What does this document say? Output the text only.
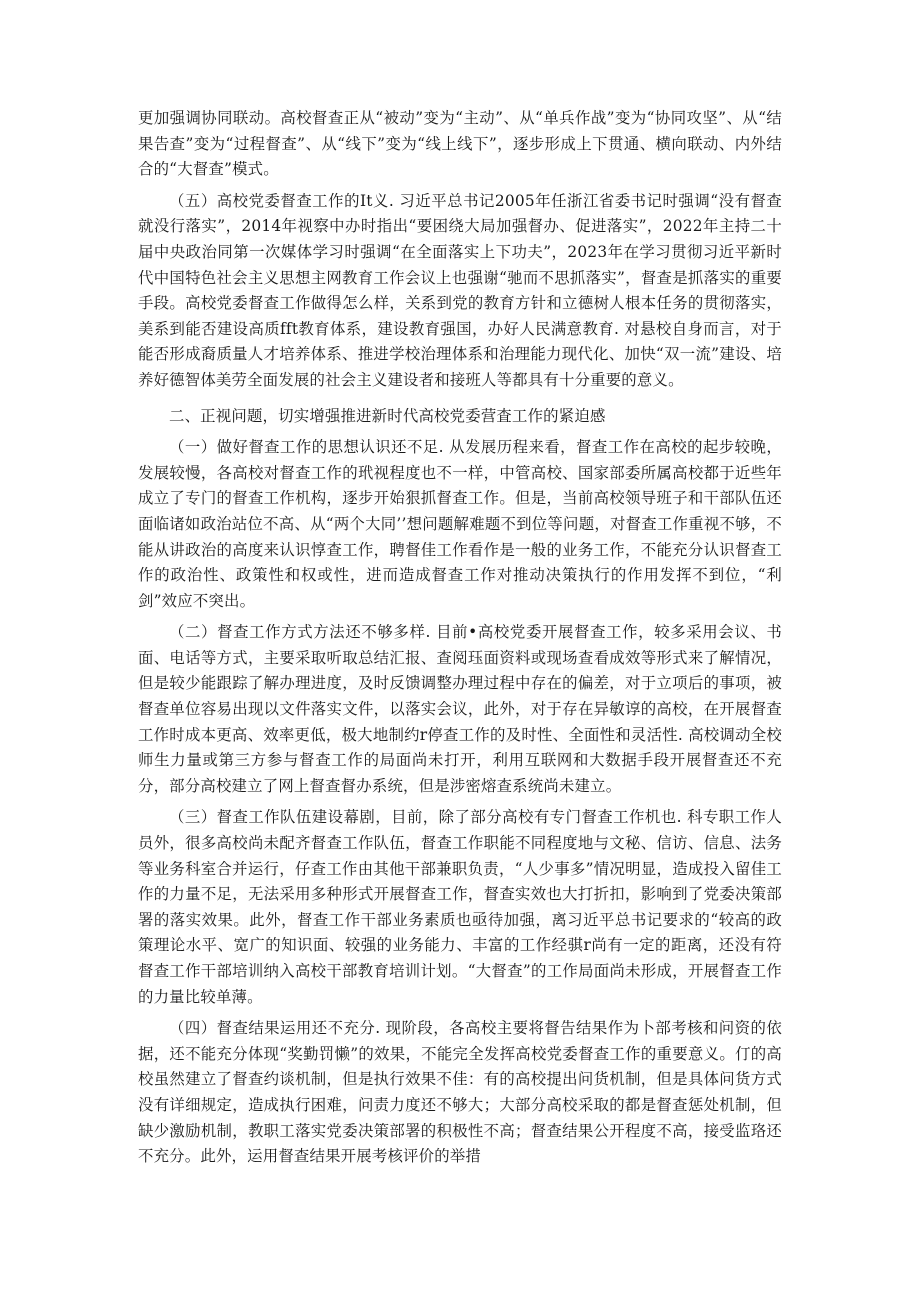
更加强调协同联动。高校督查正从“被动”变为“主动”、从“单兵作战”变为“协同攻坚”、从“结果告查”变为“过程督查”、从“线下”变为“线上线下”，逐步形成上下贯通、横向联动、内外结合的“大督查”模式。

（五）高校党委督查工作的It义. 习近平总书记2005年任浙江省委书记时强调“没有督查就没行落实”，2014年视察中办时指出“要困绕大局加强督办、促进落实”，2022年主持二十届中央政治同第一次媒体学习时强调“在全面落实上下功夫”，2023年在学习贯彻习近平新时代中国特色社会主义思想主网教育工作会议上也强谢“驰而不思抓落实”，督查是抓落实的重要手段。高校党委督查工作做得怎么样，关系到党的教育方针和立德树人根本任务的贯彻落实，美系到能否建设高质fft教育体系，建设教育强国，办好人民满意教育. 对悬校自身而言，对于能否形成裔质量人才培养体系、推进学校治理体系和治理能力现代化、加快“双一流”建设、培养好德智体美劳全面发展的社会主义建设者和接班人等都具有十分重要的意义。

二、正视问题，切实增强推进新时代高校党委营査工作的紧迫感

（一）做好督查工作的思想认识还不足. 从发展历程来看，督查工作在高校的起步较晚，发展较慢，各高校对督查工作的玳视程度也不一样，中管高校、国家部委所属高校都于近些年成立了专门的督查工作机构，逐步开始狠抓督查工作。但是，当前高校领导班子和干部队伍还面临诸如政治站位不高、从“两个大同’’想问题解难题不到位等问题，对督查工作重视不够，不能从讲政治的高度来认识惇查工作，聘督佳工作看作是一般的业务工作，不能充分认识督查工作的政治性、政策性和权或性，进而造成督查工作对推动决策执行的作用发挥不到位，“利剑”效应不突出。

（二）督查工作方式方法还不够多样. 目前•高校党委开展督查工作，较多采用会议、书面、电话等方式，主要采取听取总结汇报、查阅珏面资料或现场查看成效等形式来了解情况，但是较少能跟踪了解办理进度，及时反馈调整办理过程中存在的偏差，对于立项后的事项，被督查单位容易出现以文件落实文件，以落实会议，此外，对于存在异敏谆的高校，在开展督查工作时成本更高、效率更低，极大地制约r停查工作的及时性、全面性和灵活性. 高校调动全校师生力量或第三方参与督查工作的局面尚未打开，利用互联网和大数据手段开展督查还不充分，部分高校建立了网上督查督办系统，但是涉密熔查系统尚未建立。

（三）督查工作队伍建设幕剧，目前，除了部分高校有专门督查工作机也. 科专职工作人员外，很多高校尚未配齐督查工作队伍，督查工作职能不同程度地与文秘、信访、信息、法务等业务科室合并运行，仔查工作由其他干部兼职负责，“人少事多”情况明显，造成投入留佳工作的力量不足，无法采用多种形式开展督查工作，督查实效也大打折扣，影响到了党委决策部署的落实效果。此外，督查工作干部业务素质也亟待加强，离习近平总书记要求的“较高的政策理论水平、宽广的知识面、较强的业务能力、丰富的工作经骐r尚有一定的距离，还没有符督查工作干部培训纳入高校干部教育培训计划。“大督查”的工作局面尚未形成，开展督查工作的力量比较单薄。

（四）督查结果运用还不充分. 现阶段，各高校主要将督告结果作为卜部考核和问资的依据，还不能充分体现“奖勤罚懒”的效果，不能完全发挥高校党委督查工作的重要意义。仃的高校虽然建立了督查约谈机制，但是执行效果不佳：有的高校提出问货机制，但是具体问货方式没有详细规定，造成执行困难，问责力度还不够大；大部分高校采取的都是督查惩处机制，但缺少激励机制，教职工落实党委决策部署的积极性不高；督查结果公开程度不高，接受监珞还不充分。此外，运用督查结果开展考核评价的举措
